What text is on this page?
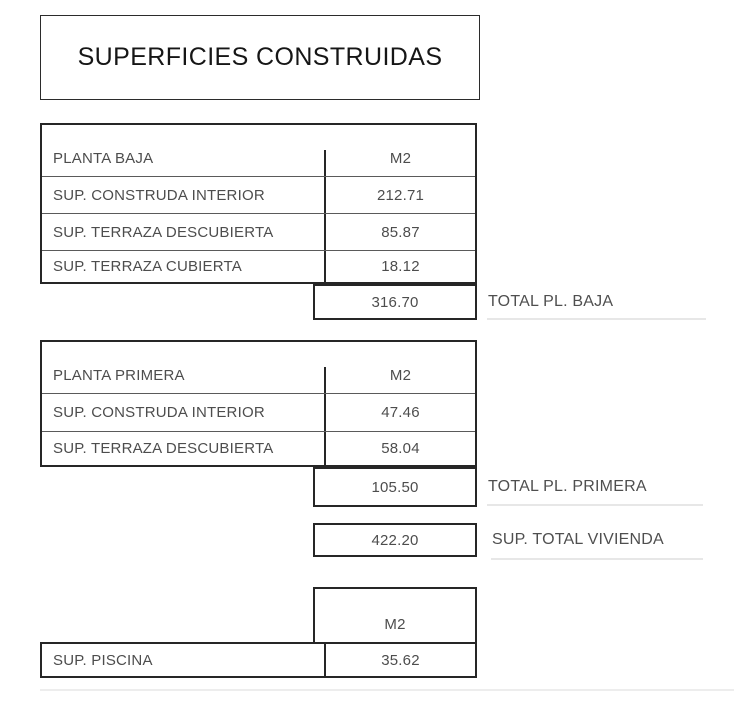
SUPERFICIES CONSTRUIDAS
PLANTA BAJA	M2
SUP. CONSTRUDA INTERIOR	212.71
SUP. TERRAZA DESCUBIERTA	85.87
SUP. TERRAZA CUBIERTA	18.12
316.70	TOTAL PL. BAJA
PLANTA PRIMERA	M2
SUP. CONSTRUDA INTERIOR	47.46
SUP. TERRAZA DESCUBIERTA	58.04
105.50	TOTAL PL. PRIMERA
422.20	SUP. TOTAL VIVIENDA
M2
SUP. PISCINA	35.62
